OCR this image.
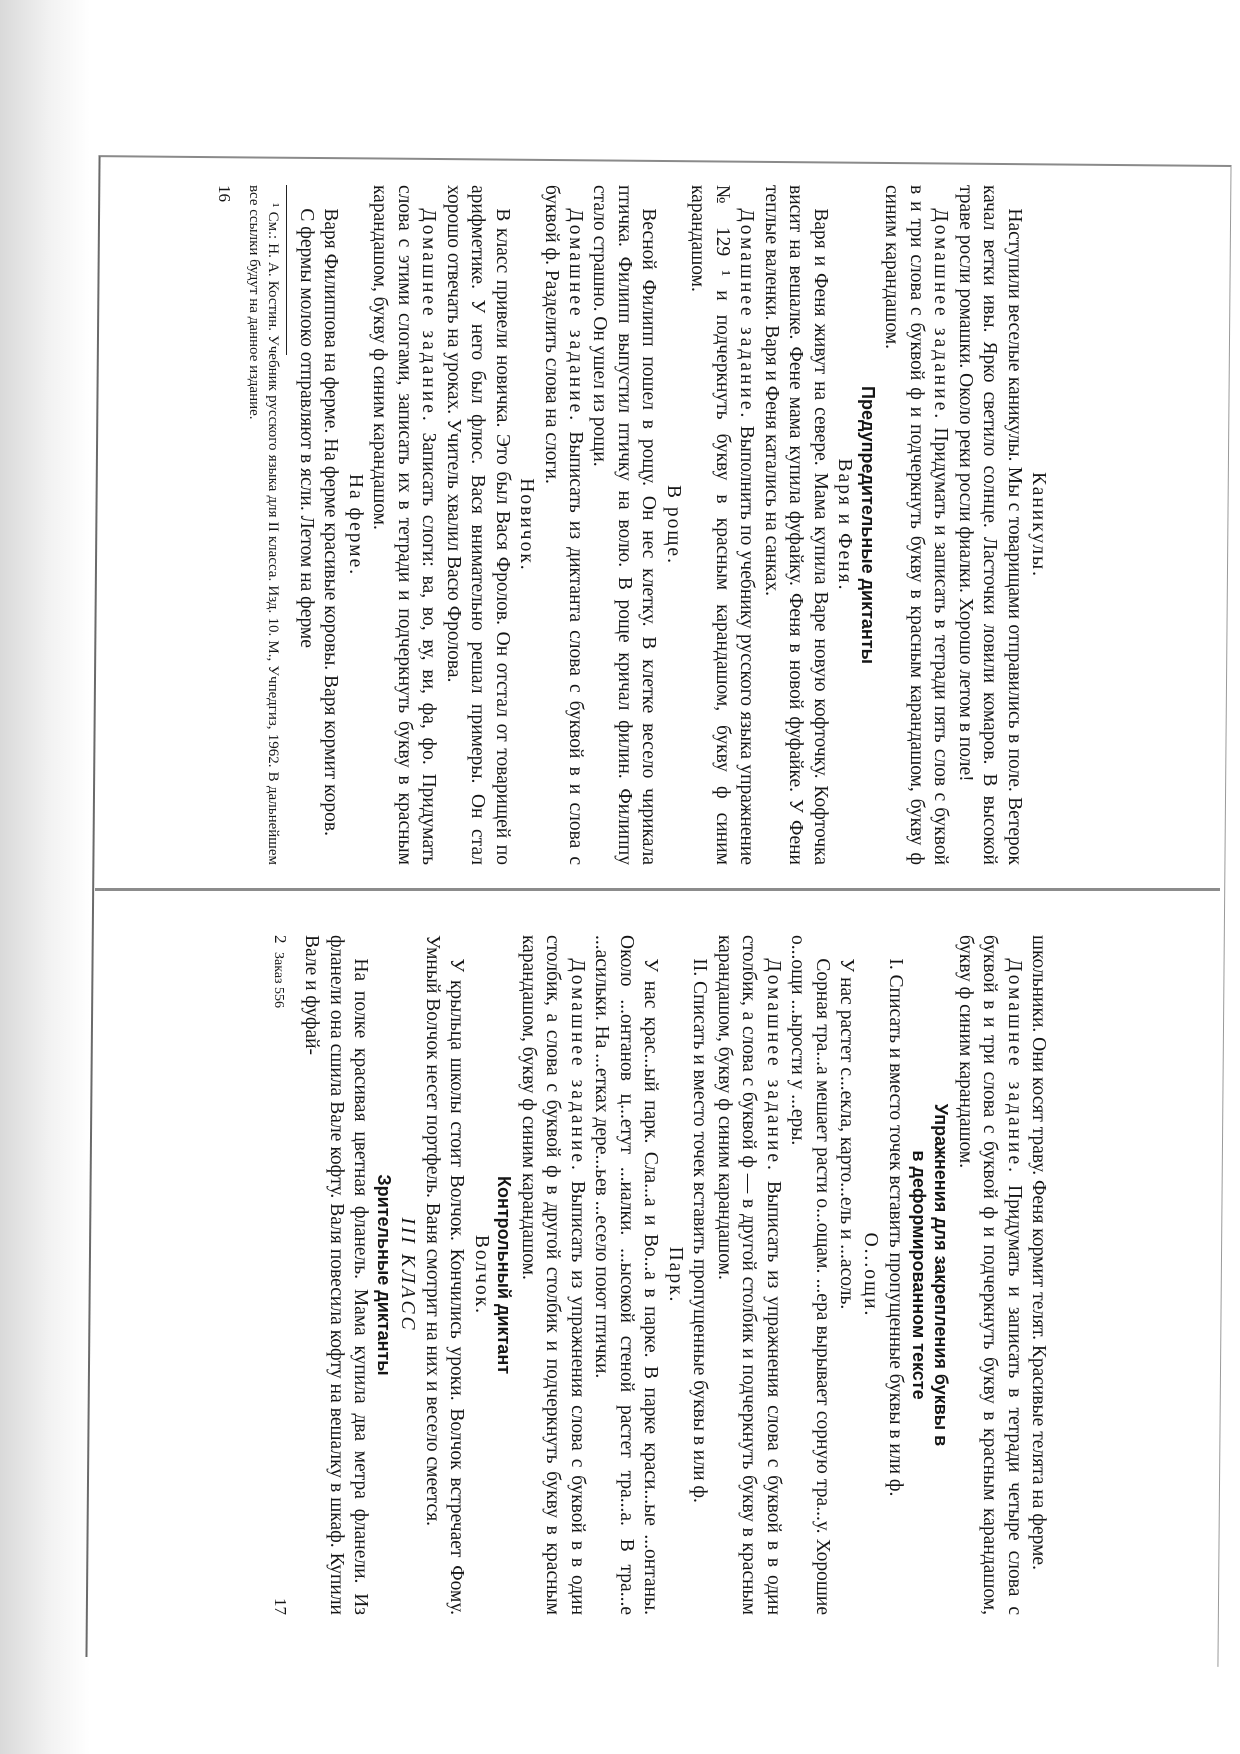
Каникулы.

Наступили веселые каникулы. Мы с товарищами отправились в поле. Ветерок качал ветки ивы. Ярко светило солнце. Ласточки ловили комаров. В высокой траве росли ромашки. Около реки росли фиалки. Хорошо летом в поле!

Домашнее задание. Придумать и записать в тетради пять слов с буквой в и три слова с буквой ф и подчеркнуть букву в красным карандашом, букву ф синим карандашом.

Предупредительные диктанты

Варя и Феня.

Варя и Феня живут на севере. Мама купила Варе новую кофточку. Кофточка висит на вешалке. Фене мама купила фуфайку. Феня в новой фуфайке. У Фени теплые валенки. Варя и Феня катались на санках.

Домашнее задание. Выполнить по учебнику русского языка упражнение № 129 ¹ и подчеркнуть букву в красным карандашом, букву ф синим карандашом.

В роще.

Весной Филипп пошел в рощу. Он нес клетку. В клетке весело чирикала птичка. Филипп выпустил птичку на волю. В роще кричал филин. Филиппу стало страшно. Он ушел из рощи.

Домашнее задание. Выписать из диктанта слова с буквой в и слова с буквой ф. Разделить слова на слоги.

Новичок.

В класс привели новичка. Это был Вася Фролов. Он отстал от товарищей по арифметике. У него был флюс. Вася внимательно решал примеры. Он стал хорошо отвечать на уроках. Учитель хвалил Васю Фролова.

Домашнее задание. Записать слоги: ва, во, ву, ви, фа, фо. Придумать слова с этими слогами, записать их в тетради и подчеркнуть букву в красным карандашом, букву ф синим карандашом.

На ферме.

Варя Филиппова на ферме. На ферме красивые коровы. Варя кормит коров.

С фермы молоко отправляют в ясли. Летом на ферме

¹ См.: Н. А. Костин. Учебник русского языка для II класса. Изд. 10. М., Учпедгиз, 1962. В дальнейшем все ссылки будут на данное издание.

16

школьники. Они косят траву. Феня кормит телят. Красивые телята на ферме.

Домашнее задание. Придумать и записать в тетради четыре слова с буквой в и три слова с буквой ф и подчеркнуть букву в красным карандашом, букву ф синим карандашом.

Упражнения для закрепления буквы в

в деформированном тексте

I. Списать и вместо точек вставить пропущенные буквы в или ф.

О...ощи.

У нас растет с...екла, карто...ель и ...асоль.

Сорная тра...а мешает расти о...ощам. ...ера вырывает сорную тра...у. Хорошие о...ощи ...ырости у ...еры.

Домашнее задание. Выписать из упражнения слова с буквой в в один столбик, а слова с буквой ф — в другой столбик и подчеркнуть букву в красным карандашом, букву ф синим карандашом.

II. Списать и вместо точек вставить пропущенные буквы в или ф.

Парк.

У нас крас...ый парк. Сла...а и Во...а в парке. В парке краси...ые ...онтаны. Около ...онтанов ц...етут ...иалки. ...ысокой стеной растет тра...а. В тра...е ...асильки. На ...етках дере...ьев ...есело поют птички.

Домашнее задание. Выписать из упражнения слова с буквой в в один столбик, а слова с буквой ф в другой столбик и подчеркнуть букву в красным карандашом, букву ф синим карандашом.

Контрольный диктант

Волчок.

У крыльца школы стоит Волчок. Кончились уроки. Волчок встречает Фому. Умный Волчок несет портфель. Ваня смотрит на них и весело смеется.

III КЛАСС

Зрительные диктанты

На полке красивая цветная фланель. Мама купила два метра фланели. Из фланели она сшила Вале кофту. Валя повесила кофту на вешалку в шкаф. Купили Вале и фуфай-

2  Заказ 556
17
